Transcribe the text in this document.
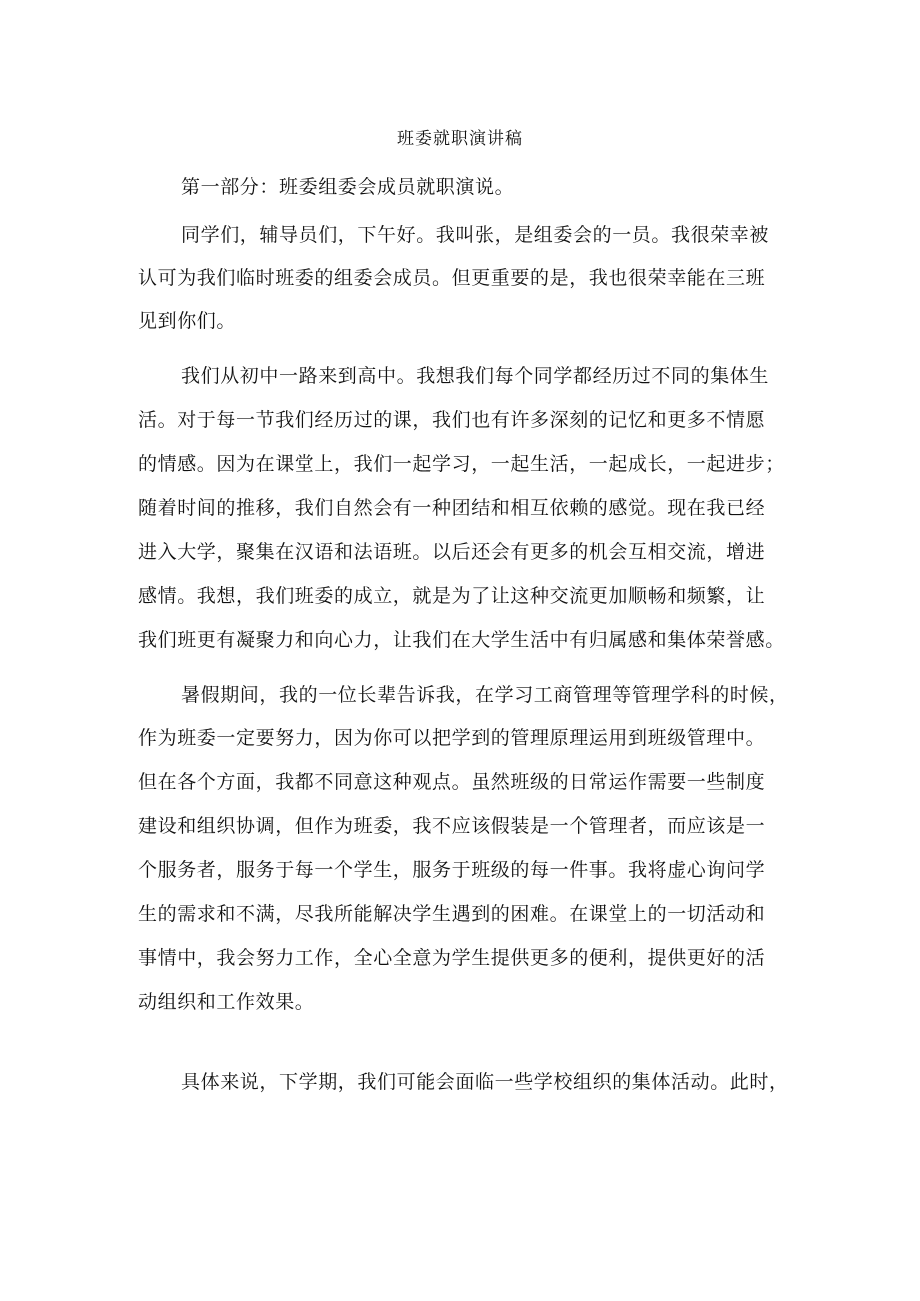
班委就职演讲稿
第一部分：班委组委会成员就职演说。
同学们，辅导员们，下午好。我叫张，是组委会的一员。我很荣幸被
认可为我们临时班委的组委会成员。但更重要的是，我也很荣幸能在三班
见到你们。
我们从初中一路来到高中。我想我们每个同学都经历过不同的集体生
活。对于每一节我们经历过的课，我们也有许多深刻的记忆和更多不情愿
的情感。因为在课堂上，我们一起学习，一起生活，一起成长，一起进步；
随着时间的推移，我们自然会有一种团结和相互依赖的感觉。现在我已经
进入大学，聚集在汉语和法语班。以后还会有更多的机会互相交流，增进
感情。我想，我们班委的成立，就是为了让这种交流更加顺畅和频繁，让
我们班更有凝聚力和向心力，让我们在大学生活中有归属感和集体荣誉感。
暑假期间，我的一位长辈告诉我，在学习工商管理等管理学科的时候，
作为班委一定要努力，因为你可以把学到的管理原理运用到班级管理中。
但在各个方面，我都不同意这种观点。虽然班级的日常运作需要一些制度
建设和组织协调，但作为班委，我不应该假装是一个管理者，而应该是一
个服务者，服务于每一个学生，服务于班级的每一件事。我将虚心询问学
生的需求和不满，尽我所能解决学生遇到的困难。在课堂上的一切活动和
事情中，我会努力工作，全心全意为学生提供更多的便利，提供更好的活
动组织和工作效果。
具体来说，下学期，我们可能会面临一些学校组织的集体活动。此时，
